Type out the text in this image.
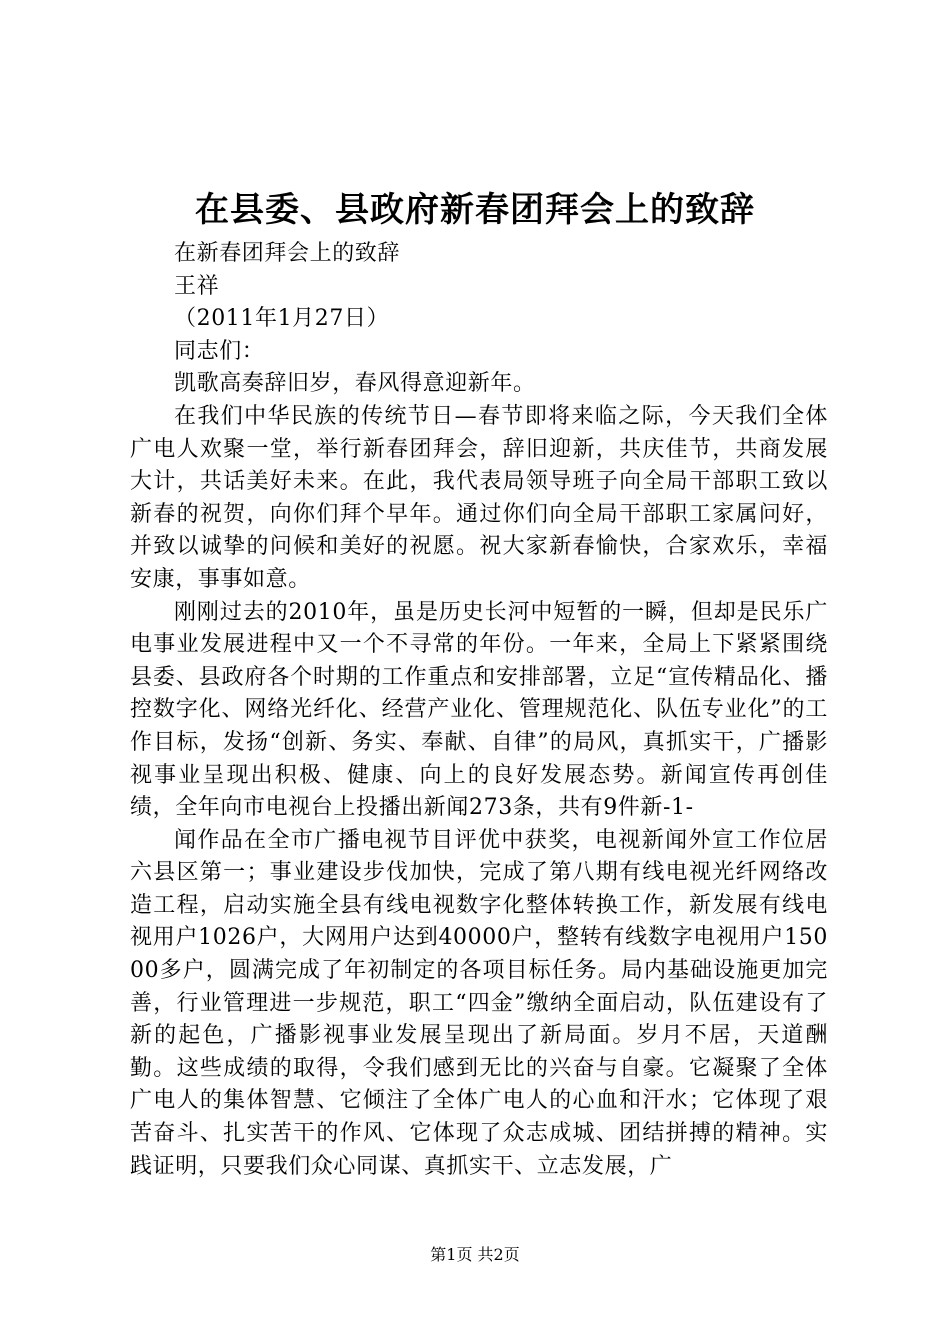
在县委、县政府新春团拜会上的致辞
在新春团拜会上的致辞
王祥
（2011年1月27日）
同志们：
凯歌高奏辞旧岁，春风得意迎新年。
在我们中华民族的传统节日—春节即将来临之际，今天我们全体广电人欢聚一堂，举行新春团拜会，辞旧迎新，共庆佳节，共商发展大计，共话美好未来。在此，我代表局领导班子向全局干部职工致以新春的祝贺，向你们拜个早年。通过你们向全局干部职工家属问好，并致以诚挚的问候和美好的祝愿。祝大家新春愉快，合家欢乐，幸福安康，事事如意。
刚刚过去的2010年，虽是历史长河中短暂的一瞬，但却是民乐广电事业发展进程中又一个不寻常的年份。一年来，全局上下紧紧围绕县委、县政府各个时期的工作重点和安排部署，立足“宣传精品化、播控数字化、网络光纤化、经营产业化、管理规范化、队伍专业化”的工作目标，发扬“创新、务实、奉献、自律”的局风，真抓实干，广播影视事业呈现出积极、健康、向上的良好发展态势。新闻宣传再创佳绩，全年向市电视台上投播出新闻273条，共有9件新-1-
闻作品在全市广播电视节目评优中获奖，电视新闻外宣工作位居六县区第一；事业建设步伐加快，完成了第八期有线电视光纤网络改造工程，启动实施全县有线电视数字化整体转换工作，新发展有线电视用户1026户，大网用户达到40000户，整转有线数字电视用户15000多户，圆满完成了年初制定的各项目标任务。局内基础设施更加完善，行业管理进一步规范，职工“四金”缴纳全面启动，队伍建设有了新的起色，广播影视事业发展呈现出了新局面。岁月不居，天道酬勤。这些成绩的取得，令我们感到无比的兴奋与自豪。它凝聚了全体广电人的集体智慧、它倾注了全体广电人的心血和汗水；它体现了艰苦奋斗、扎实苦干的作风、它体现了众志成城、团结拼搏的精神。实践证明，只要我们众心同谋、真抓实干、立志发展，广
第1页 共2页
